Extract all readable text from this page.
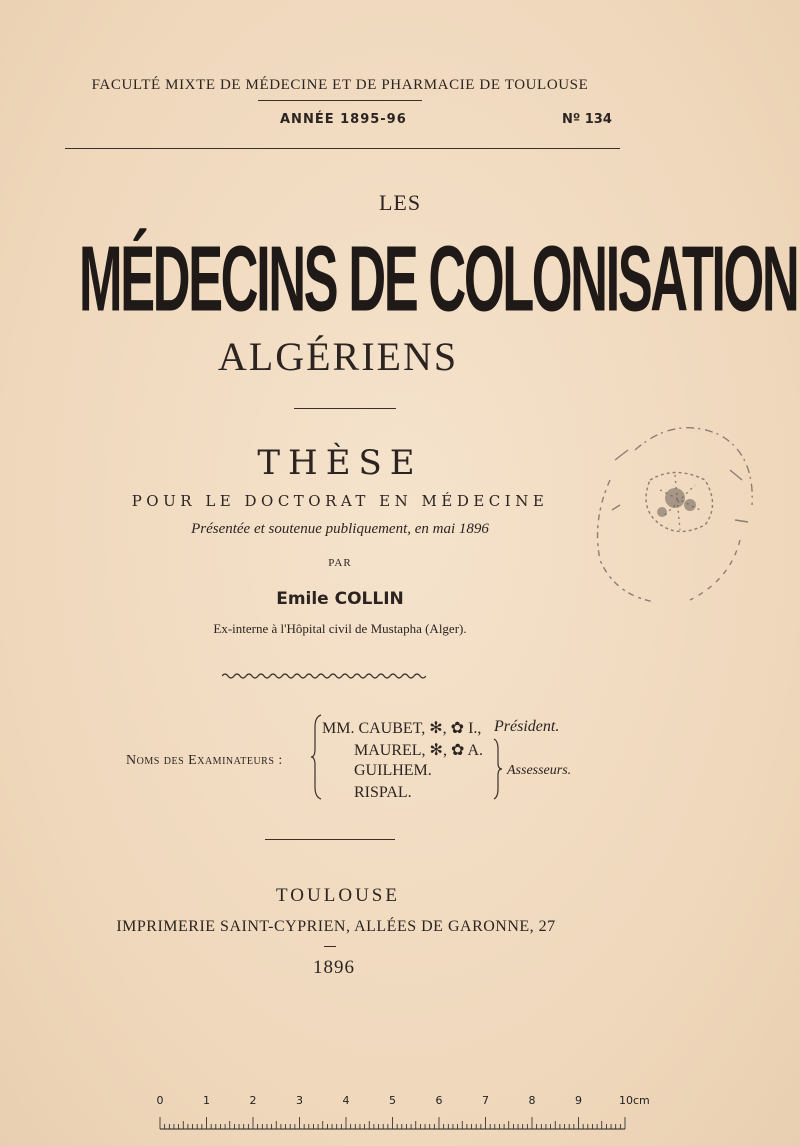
FACULTÉ MIXTE DE MÉDECINE ET DE PHARMACIE DE TOULOUSE
ANNÉE 1895-96	Nº 134
LES
MÉDECINS DE COLONISATION
ALGÉRIENS
THÈSE
POUR LE DOCTORAT EN MÉDECINE
Présentée et soutenue publiquement, en mai 1896
PAR
Emile COLLIN
Ex-interne à l'Hôpital civil de Mustapha (Alger).
Noms des Examinateurs :
MM. CAUBET, ✻, ✿ I.,
MAUREL, ✻, ✿ A.
GUILHEM.
RISPAL.
Président.
Assesseurs.
TOULOUSE
IMPRIMERIE SAINT-CYPRIEN, ALLÉES DE GARONNE, 27
1896
0	1	2	3	4	5	6	7	8	9	10cm
